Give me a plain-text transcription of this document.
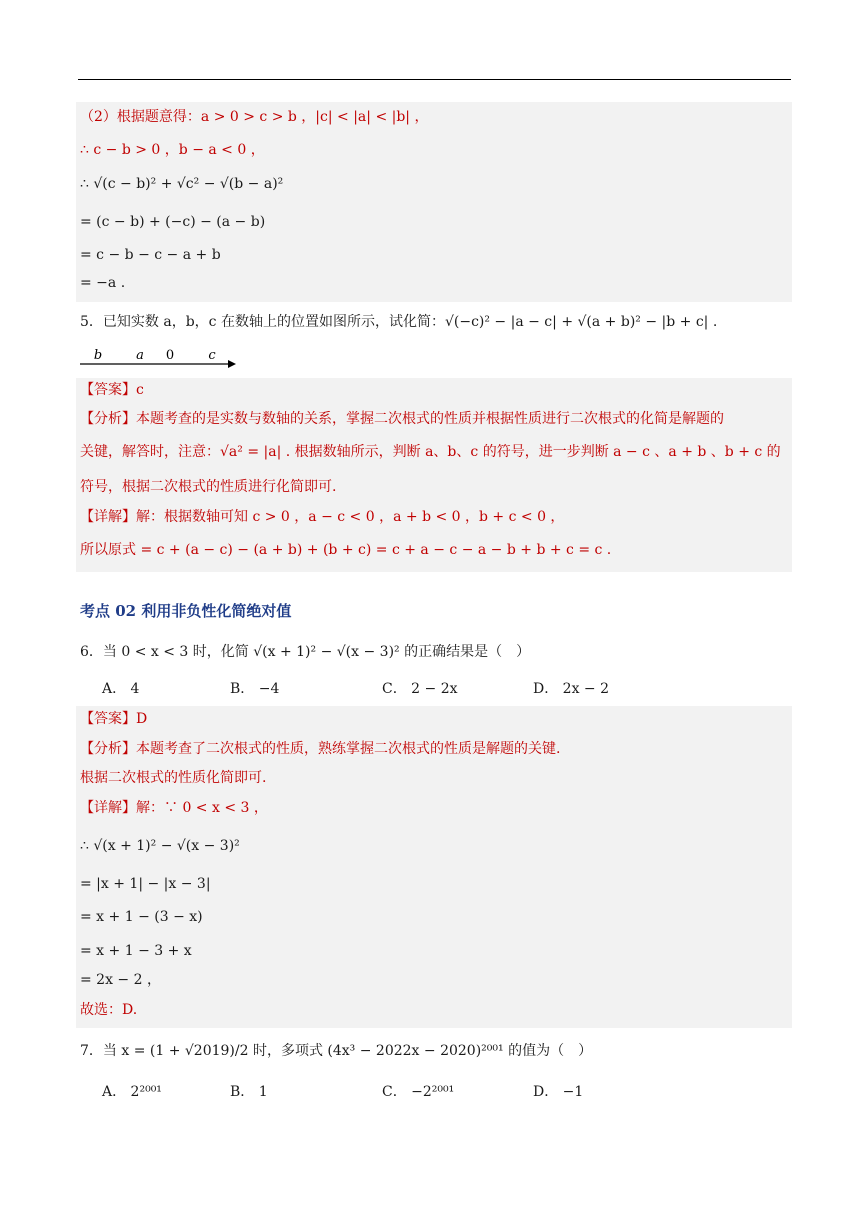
（2）根据题意得：a > 0 > c > b ，|c| < |a| < |b| ，
∴ c − b > 0 ，b − a < 0 ，
∴ √(c − b)² + √c² − √(b − a)²
= (c − b) + (−c) − (a − b)
= c − b − c − a + b
= −a .
5．已知实数 a，b，c 在数轴上的位置如图所示，试化简：√(−c)² − |a − c| + √(a + b)² − |b + c| .
b	a 0	c
【答案】c
【分析】本题考查的是实数与数轴的关系，掌握二次根式的性质并根据性质进行二次根式的化简是解题的
关键，解答时，注意：√a² = |a| . 根据数轴所示，判断 a、b、c 的符号，进一步判断 a − c 、a + b 、b + c 的
符号，根据二次根式的性质进行化简即可.
【详解】解：根据数轴可知 c > 0 ，a − c < 0 ，a + b < 0 ，b + c < 0 ，
所以原式 = c + (a − c) − (a + b) + (b + c) = c + a − c − a − b + b + c = c .
考点 02 利用非负性化简绝对值
6．当 0 < x < 3 时，化简 √(x + 1)² − √(x − 3)² 的正确结果是（　）
A． 4	B． −4	C． 2 − 2x	D． 2x − 2
【答案】D
【分析】本题考查了二次根式的性质，熟练掌握二次根式的性质是解题的关键.
根据二次根式的性质化简即可.
【详解】解：∵ 0 < x < 3 ，
∴ √(x + 1)² − √(x − 3)²
= |x + 1| − |x − 3|
= x + 1 − (3 − x)
= x + 1 − 3 + x
= 2x − 2 ，
故选：D.
7．当 x = (1 + √2019)/2 时，多项式 (4x³ − 2022x − 2020)²⁰⁰¹ 的值为（　）
A． 2²⁰⁰¹	B． 1	C． −2²⁰⁰¹	D． −1
